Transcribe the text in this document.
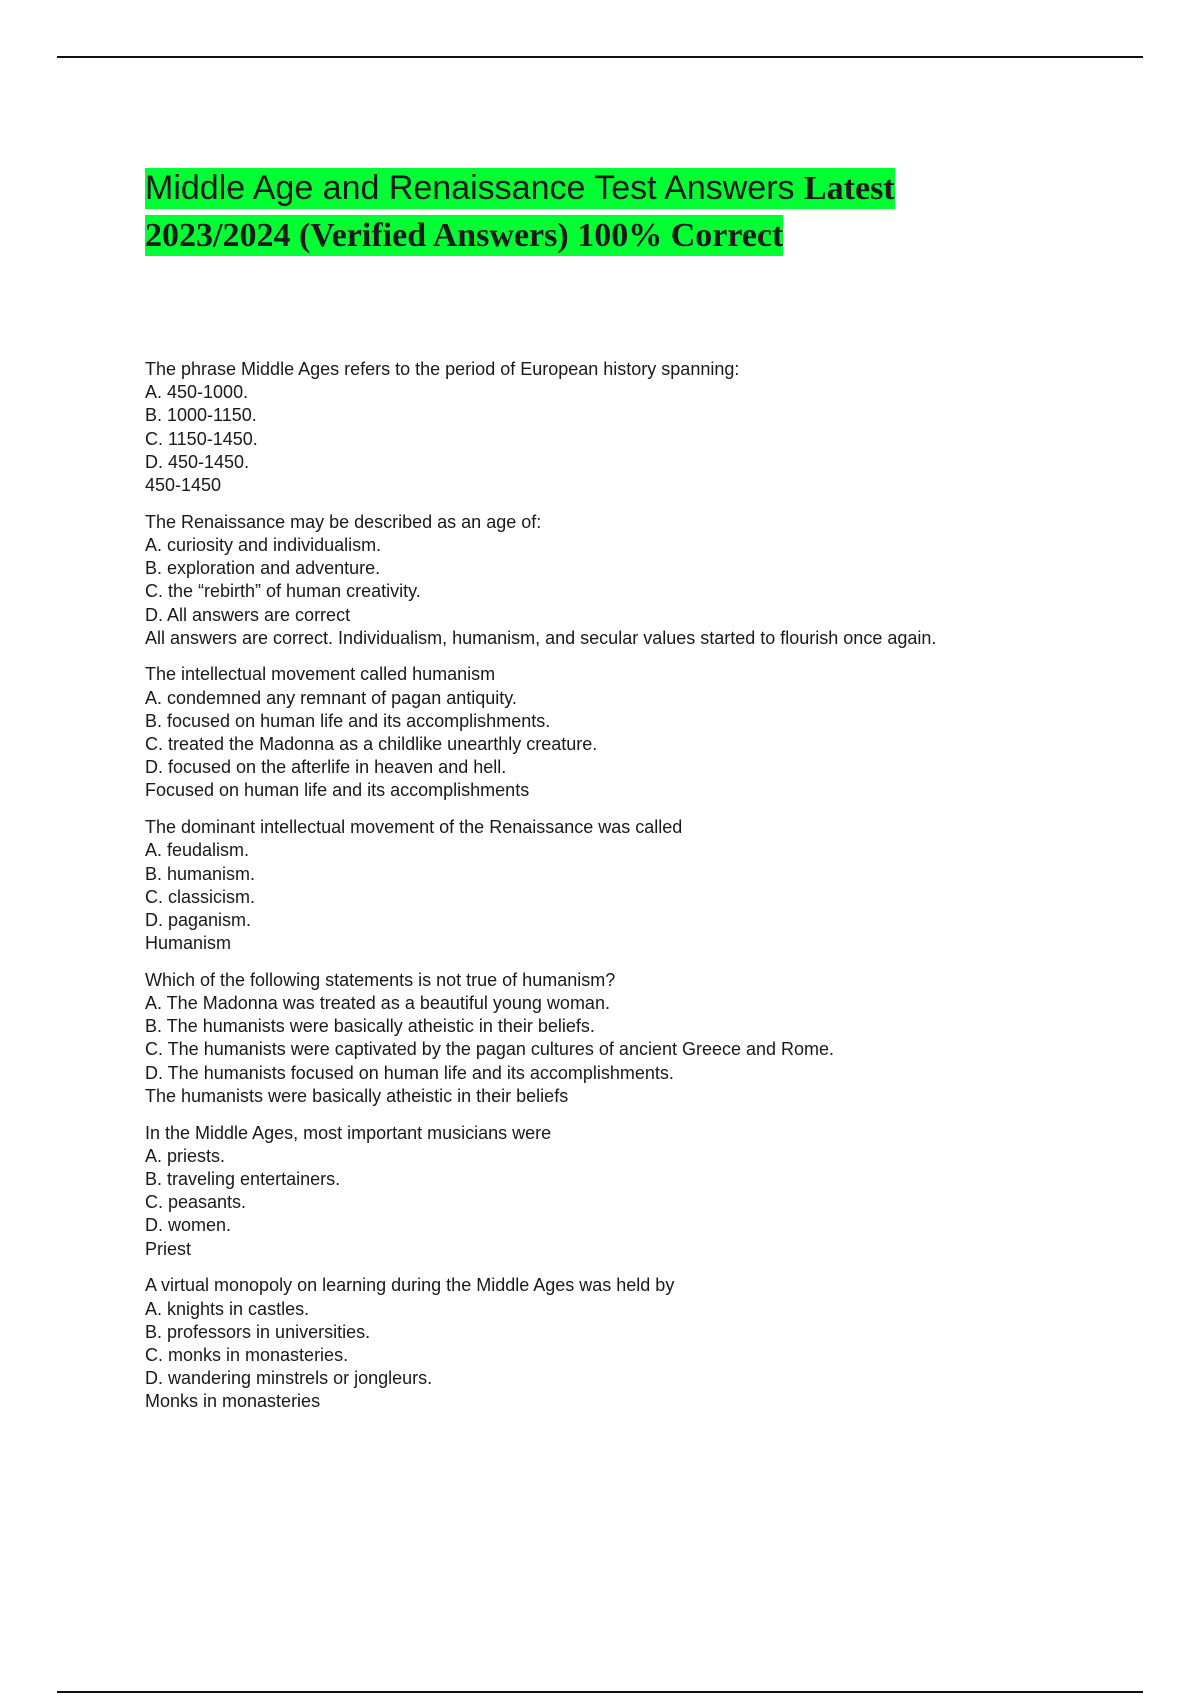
Middle Age and Renaissance Test Answers Latest
2023/2024 (Verified Answers) 100% Correct
The phrase Middle Ages refers to the period of European history spanning:
A. 450-1000.
B. 1000-1150.
C. 1150-1450.
D. 450-1450.
450-1450
The Renaissance may be described as an age of:
A. curiosity and individualism.
B. exploration and adventure.
C. the “rebirth” of human creativity.
D. All answers are correct
All answers are correct. Individualism, humanism, and secular values started to flourish once again.
The intellectual movement called humanism
A. condemned any remnant of pagan antiquity.
B. focused on human life and its accomplishments.
C. treated the Madonna as a childlike unearthly creature.
D. focused on the afterlife in heaven and hell.
Focused on human life and its accomplishments
The dominant intellectual movement of the Renaissance was called
A. feudalism.
B. humanism.
C. classicism.
D. paganism.
Humanism
Which of the following statements is not true of humanism?
A. The Madonna was treated as a beautiful young woman.
B. The humanists were basically atheistic in their beliefs.
C. The humanists were captivated by the pagan cultures of ancient Greece and Rome.
D. The humanists focused on human life and its accomplishments.
The humanists were basically atheistic in their beliefs
In the Middle Ages, most important musicians were
A. priests.
B. traveling entertainers.
C. peasants.
D. women.
Priest
A virtual monopoly on learning during the Middle Ages was held by
A. knights in castles.
B. professors in universities.
C. monks in monasteries.
D. wandering minstrels or jongleurs.
Monks in monasteries
